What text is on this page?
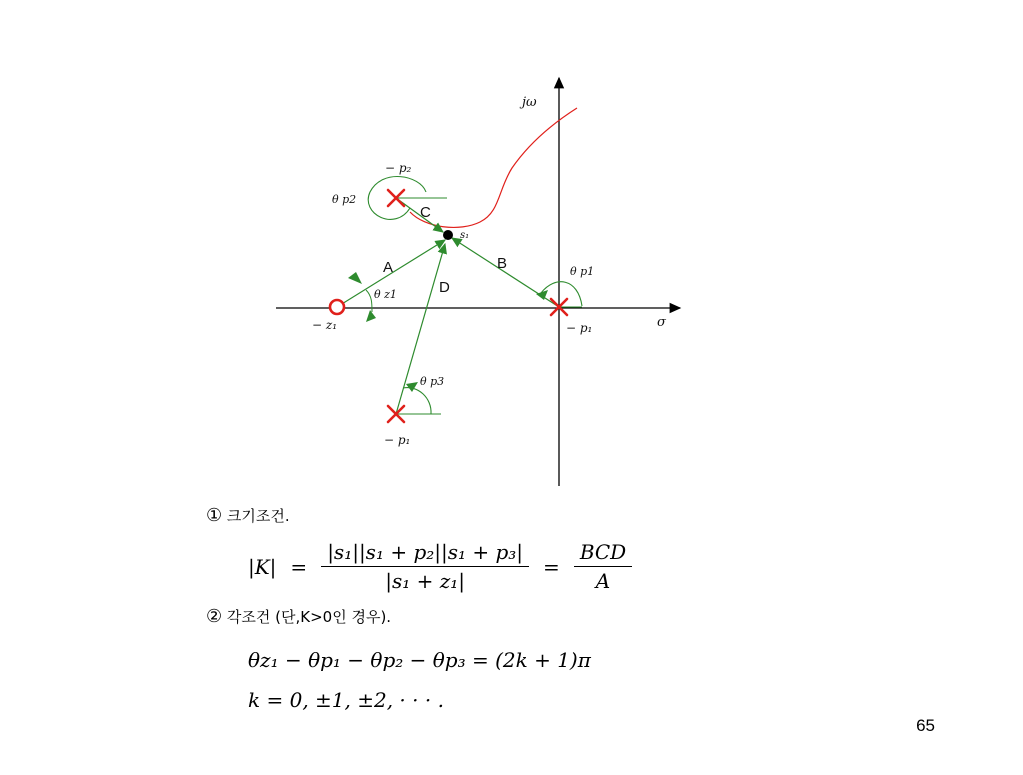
jω
σ
− p₂
− z₁	− p₁
− p₁
s₁
A	B
C
D
θ p2
θ z1
θ p1
θ p3
① 크기조건.
$|K| = \frac{\text{|s₁||s₁ + p₂||s₁ + p₃|}}{\text{|s₁ + z₁|}} = \frac{\text{BCD}}{A}$
② 각조건 (단,K>0인 경우).
θz₁ − θp₁ − θp₂ − θp₃ = (2k + 1)π
k = 0, ±1, ±2, · · · .
65
